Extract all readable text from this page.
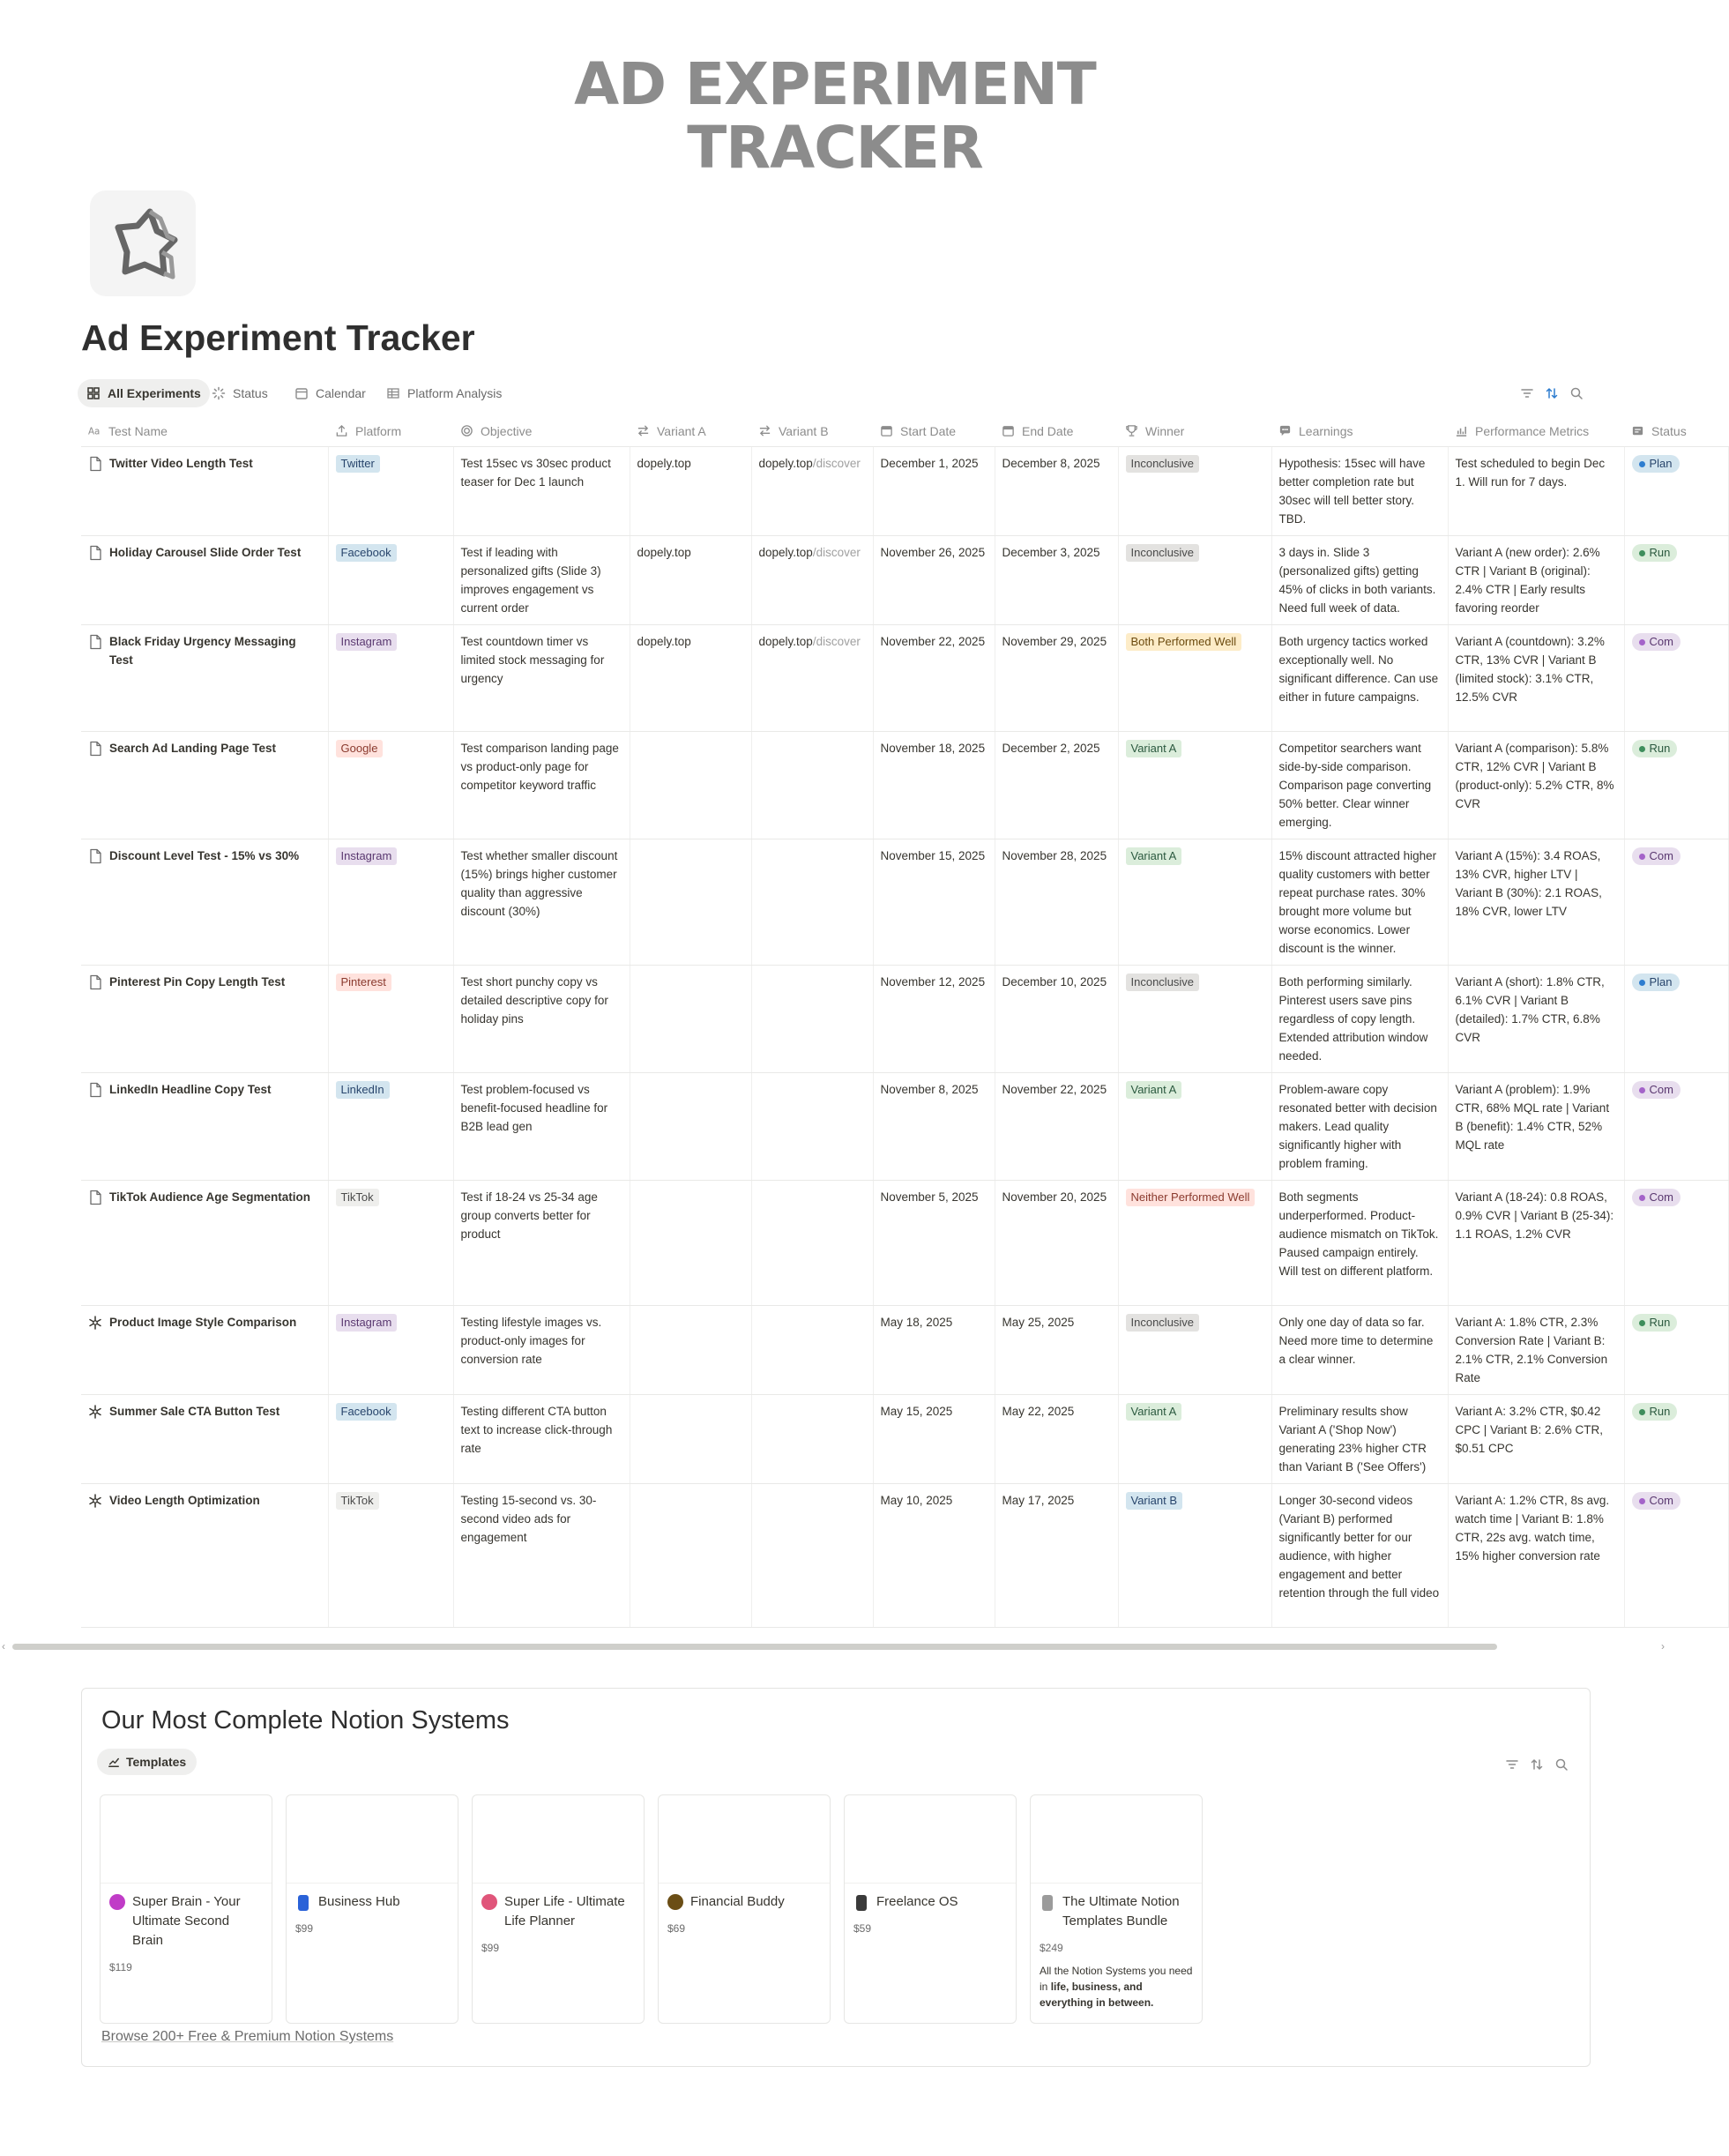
AD EXPERIMENT
TRACKER
Ad Experiment Tracker
All Experiments	Status	Calendar	Platform Analysis
Aa Test Name	Platform	Objective	Variant A	Variant B	Start Date	End Date	Winner	Learnings	Performance Metrics	Status

Twitter Video Length Test	Twitter	Test 15sec vs 30sec product teaser for Dec 1 launch	dopely.top	dopely.top/discover	December 1, 2025	December 8, 2025	Inconclusive	Hypothesis: 15sec will have better completion rate but 30sec will tell better story. TBD.	Test scheduled to begin Dec 1. Will run for 7 days.	Plan

Holiday Carousel Slide Order Test	Facebook	Test if leading with personalized gifts (Slide 3) improves engagement vs current order	dopely.top	dopely.top/discover	November 26, 2025	December 3, 2025	Inconclusive	3 days in. Slide 3 (personalized gifts) getting 45% of clicks in both variants. Need full week of data.	Variant A (new order): 2.6% CTR | Variant B (original): 2.4% CTR | Early results favoring reorder	Run

Black Friday Urgency Messaging Test	Instagram	Test countdown timer vs limited stock messaging for urgency	dopely.top	dopely.top/discover	November 22, 2025	November 29, 2025	Both Performed Well	Both urgency tactics worked exceptionally well. No significant difference. Can use either in future campaigns.	Variant A (countdown): 3.2% CTR, 13% CVR | Variant B (limited stock): 3.1% CTR, 12.5% CVR	Com

Search Ad Landing Page Test	Google	Test comparison landing page vs product-only page for competitor keyword traffic			November 18, 2025	December 2, 2025	Variant A	Competitor searchers want side-by-side comparison. Comparison page converting 50% better. Clear winner emerging.	Variant A (comparison): 5.8% CTR, 12% CVR | Variant B (product-only): 5.2% CTR, 8% CVR	Run

Discount Level Test - 15% vs 30%	Instagram	Test whether smaller discount (15%) brings higher customer quality than aggressive discount (30%)			November 15, 2025	November 28, 2025	Variant A	15% discount attracted higher quality customers with better repeat purchase rates. 30% brought more volume but worse economics. Lower discount is the winner.	Variant A (15%): 3.4 ROAS, 13% CVR, higher LTV | Variant B (30%): 2.1 ROAS, 18% CVR, lower LTV	Com

Pinterest Pin Copy Length Test	Pinterest	Test short punchy copy vs detailed descriptive copy for holiday pins			November 12, 2025	December 10, 2025	Inconclusive	Both performing similarly. Pinterest users save pins regardless of copy length. Extended attribution window needed.	Variant A (short): 1.8% CTR, 6.1% CVR | Variant B (detailed): 1.7% CTR, 6.8% CVR	Plan

LinkedIn Headline Copy Test	LinkedIn	Test problem-focused vs benefit-focused headline for B2B lead gen			November 8, 2025	November 22, 2025	Variant A	Problem-aware copy resonated better with decision makers. Lead quality significantly higher with problem framing.	Variant A (problem): 1.9% CTR, 68% MQL rate | Variant B (benefit): 1.4% CTR, 52% MQL rate	Com

TikTok Audience Age Segmentation	TikTok	Test if 18-24 vs 25-34 age group converts better for product			November 5, 2025	November 20, 2025	Neither Performed Well	Both segments underperformed. Product-audience mismatch on TikTok. Paused campaign entirely. Will test on different platform.	Variant A (18-24): 0.8 ROAS, 0.9% CVR | Variant B (25-34): 1.1 ROAS, 1.2% CVR	Com

Product Image Style Comparison	Instagram	Testing lifestyle images vs. product-only images for conversion rate			May 18, 2025	May 25, 2025	Inconclusive	Only one day of data so far. Need more time to determine a clear winner.	Variant A: 1.8% CTR, 2.3% Conversion Rate | Variant B: 2.1% CTR, 2.1% Conversion Rate	Run

Summer Sale CTA Button Test	Facebook	Testing different CTA button text to increase click-through rate			May 15, 2025	May 22, 2025	Variant A	Preliminary results show Variant A ('Shop Now') generating 23% higher CTR than Variant B ('See Offers')	Variant A: 3.2% CTR, $0.42 CPC | Variant B: 2.6% CTR, $0.51 CPC	Run

Video Length Optimization	TikTok	Testing 15-second vs. 30-second video ads for engagement			May 10, 2025	May 17, 2025	Variant B	Longer 30-second videos (Variant B) performed significantly better for our audience, with higher engagement and better retention through the full video	Variant A: 1.2% CTR, 8s avg. watch time | Variant B: 1.8% CTR, 22s avg. watch time, 15% higher conversion rate	Com
‹	›
Our Most Complete Notion Systems
Templates
Super Brain - Your Ultimate Second Brain
$119
Business Hub
$99
Super Life - Ultimate Life Planner
$99
Financial Buddy
$69
Freelance OS
$59
The Ultimate Notion Templates Bundle
$249
All the Notion Systems you need in life, business, and everything in between.
Browse 200+ Free & Premium Notion Systems
